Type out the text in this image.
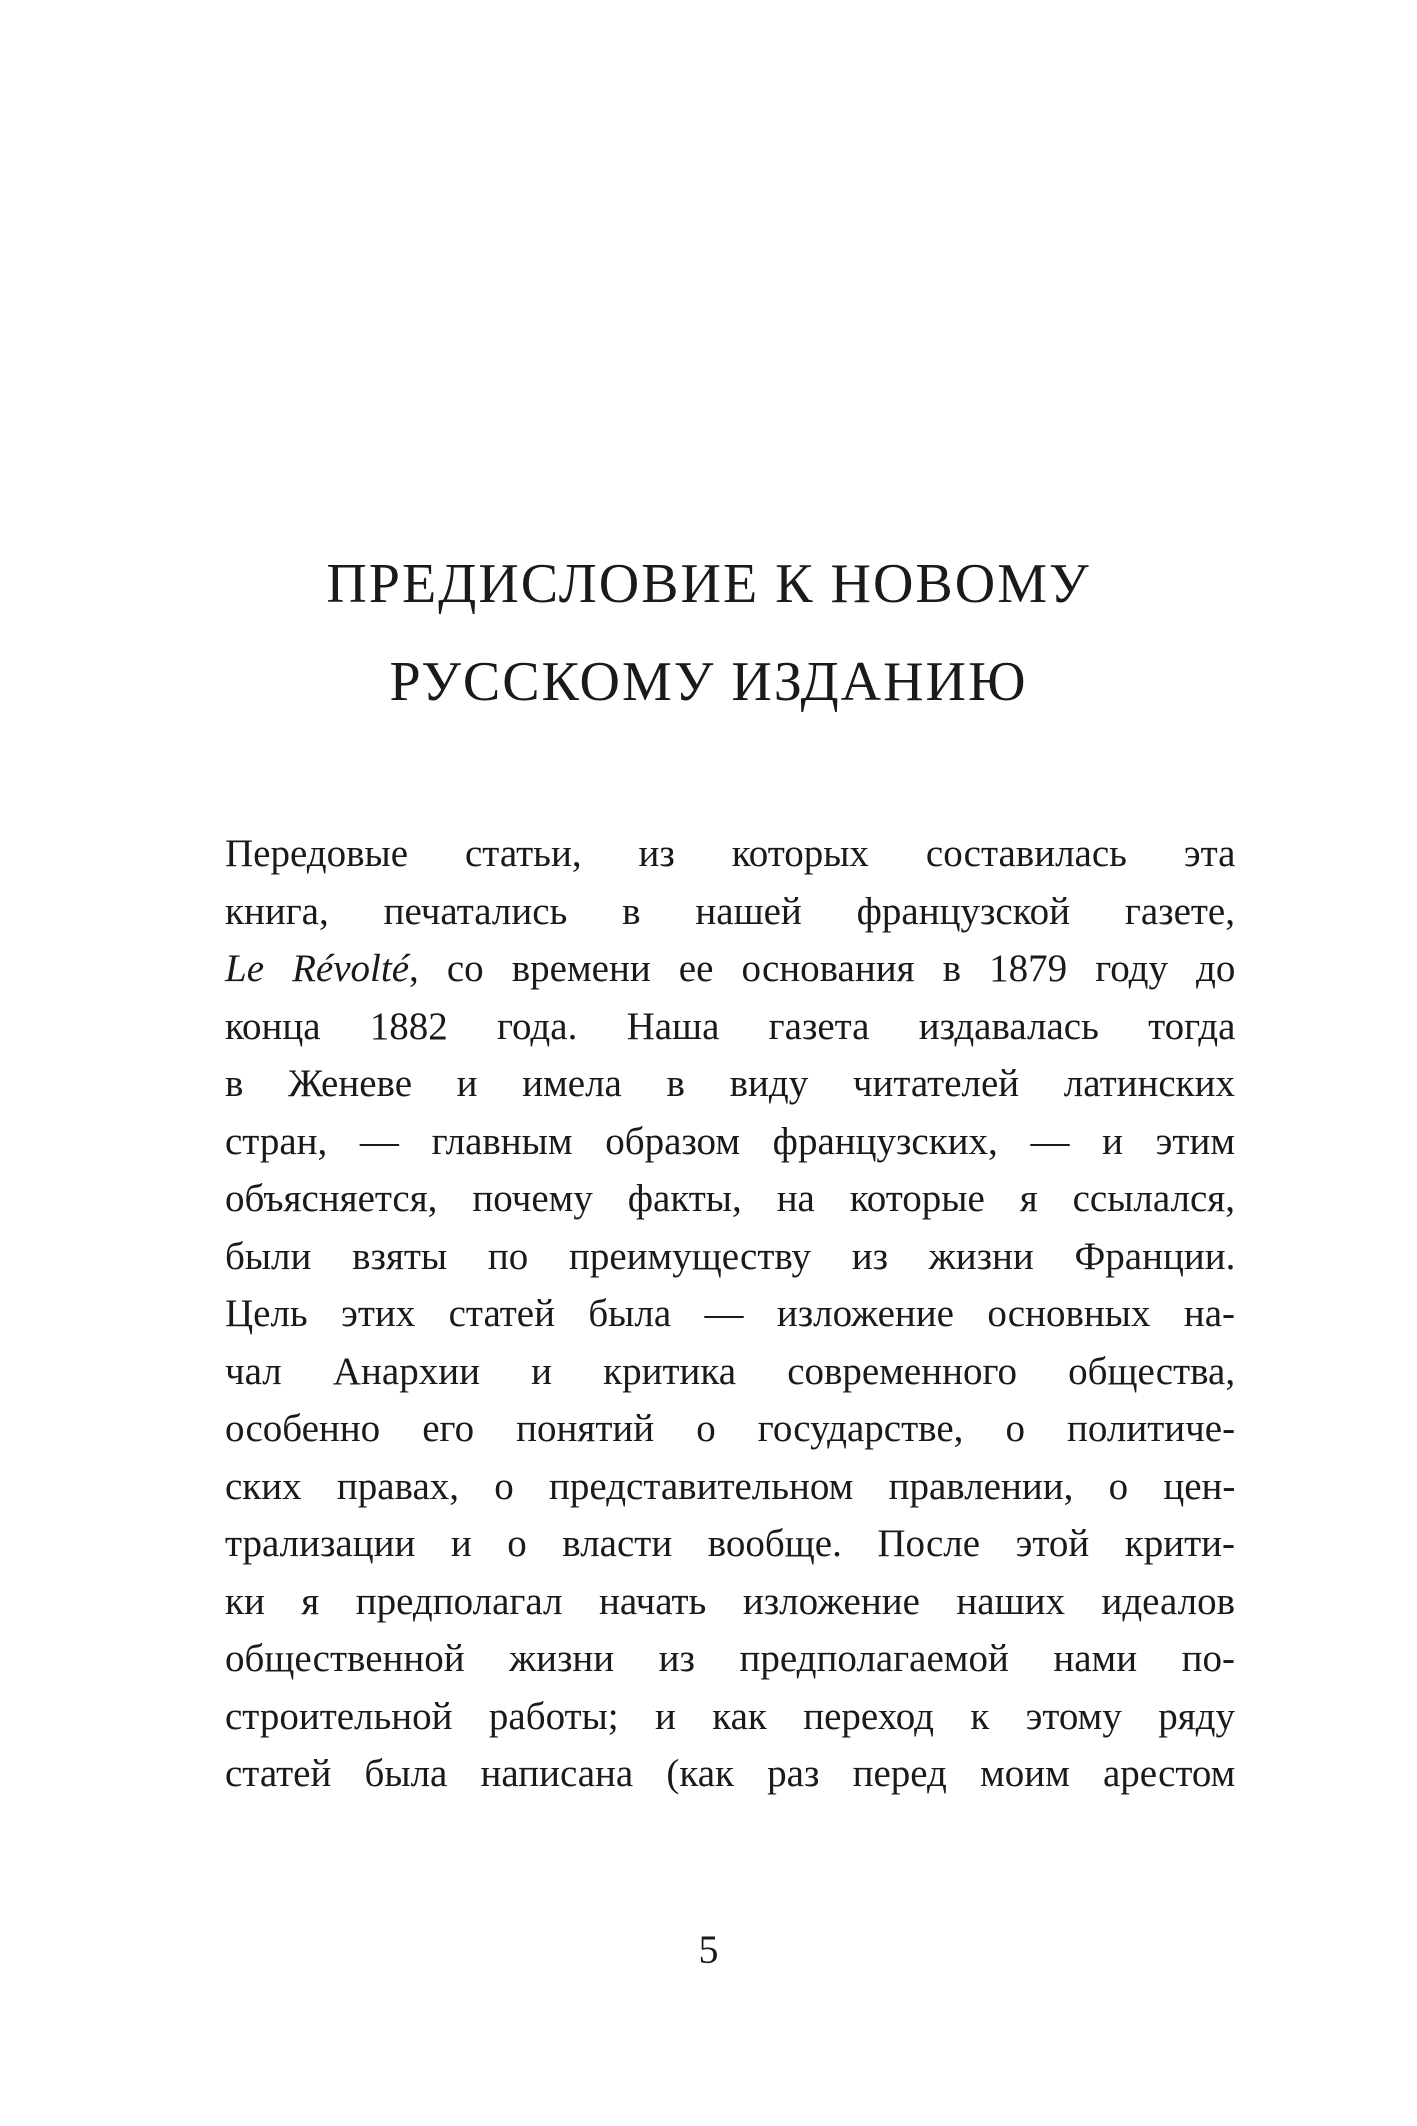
ПРЕДИСЛОВИЕ К НОВОМУ
РУССКОМУ ИЗДАНИЮ
Передовые статьи, из которых составилась эта
книга, печатались в нашей французской газете,
Le Révolté, со времени ее основания в 1879 году до
конца 1882 года. Наша газета издавалась тогда
в Женеве и имела в виду читателей латинских
стран, — главным образом французских, — и этим
объясняется, почему факты, на которые я ссылался,
были взяты по преимуществу из жизни Франции.
Цель этих статей была — изложение основных на-
чал Анархии и критика современного общества,
особенно его понятий о государстве, о политиче-
ских правах, о представительном правлении, о цен-
трализации и о власти вообще. После этой крити-
ки я предполагал начать изложение наших идеалов
общественной жизни из предполагаемой нами по-
строительной работы; и как переход к этому ряду
статей была написана (как раз перед моим арестом
5
